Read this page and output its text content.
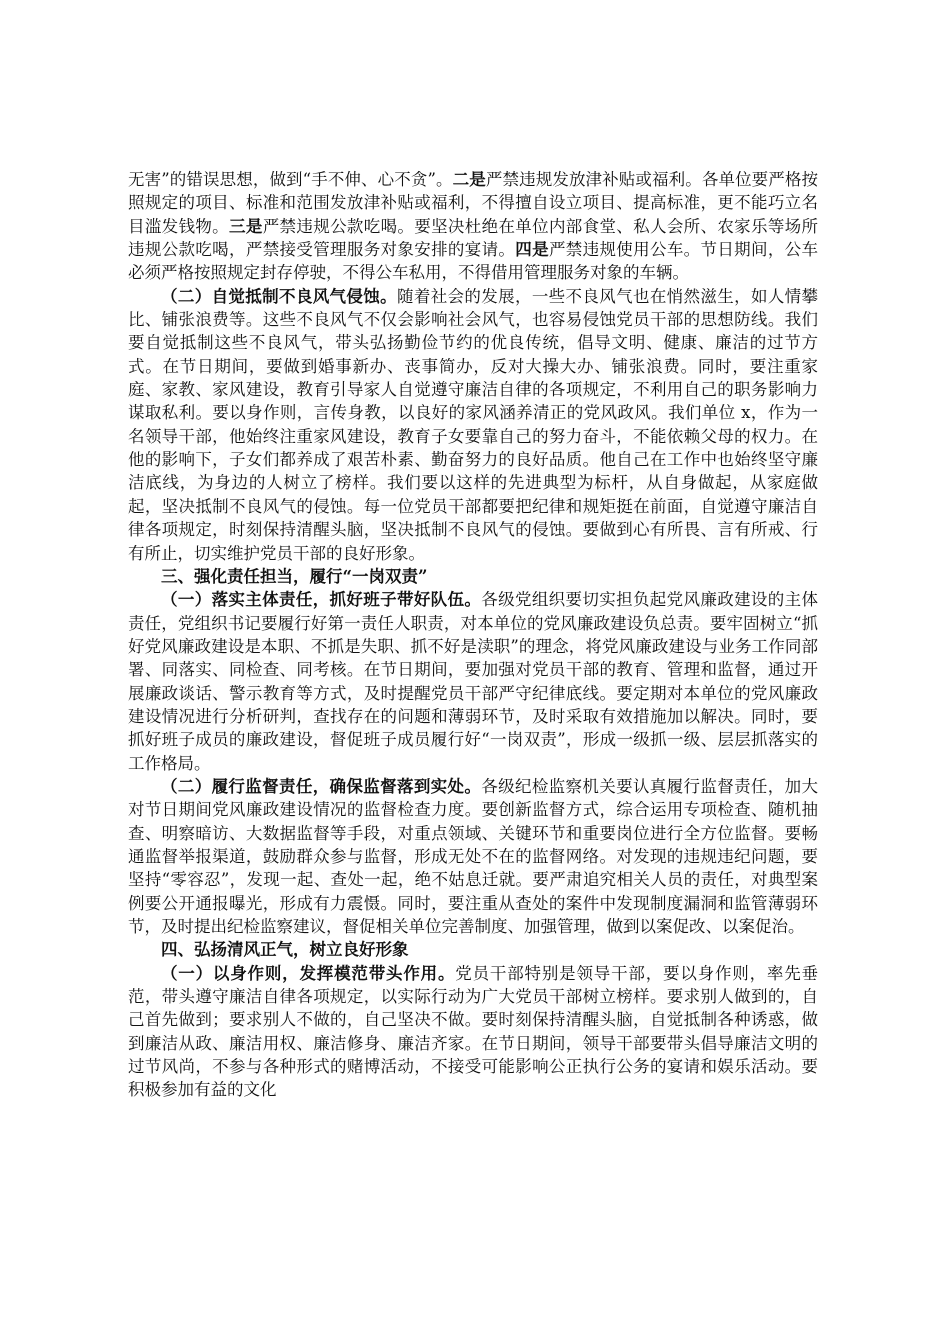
无害”的错误思想，做到“手不伸、心不贪”。二是严禁违规发放津补贴或福利。各单位要严格按照规定的项目、标准和范围发放津补贴或福利，不得擅自设立项目、提高标准，更不能巧立名目滥发钱物。三是严禁违规公款吃喝。要坚决杜绝在单位内部食堂、私人会所、农家乐等场所违规公款吃喝，严禁接受管理服务对象安排的宴请。四是严禁违规使用公车。节日期间，公车必须严格按照规定封存停驶，不得公车私用，不得借用管理服务对象的车辆。

（二）自觉抵制不良风气侵蚀。随着社会的发展，一些不良风气也在悄然滋生，如人情攀比、铺张浪费等。这些不良风气不仅会影响社会风气，也容易侵蚀党员干部的思想防线。我们要自觉抵制这些不良风气，带头弘扬勤俭节约的优良传统，倡导文明、健康、廉洁的过节方式。在节日期间，要做到婚事新办、丧事简办，反对大操大办、铺张浪费。同时，要注重家庭、家教、家风建设，教育引导家人自觉遵守廉洁自律的各项规定，不利用自己的职务影响力谋取私利。要以身作则，言传身教，以良好的家风涵养清正的党风政风。我们单位 x，作为一名领导干部，他始终注重家风建设，教育子女要靠自己的努力奋斗，不能依赖父母的权力。在他的影响下，子女们都养成了艰苦朴素、勤奋努力的良好品质。他自己在工作中也始终坚守廉洁底线，为身边的人树立了榜样。我们要以这样的先进典型为标杆，从自身做起，从家庭做起，坚决抵制不良风气的侵蚀。每一位党员干部都要把纪律和规矩挺在前面，自觉遵守廉洁自律各项规定，时刻保持清醒头脑，坚决抵制不良风气的侵蚀。要做到心有所畏、言有所戒、行有所止，切实维护党员干部的良好形象。

三、强化责任担当，履行“一岗双责”

（一）落实主体责任，抓好班子带好队伍。各级党组织要切实担负起党风廉政建设的主体责任，党组织书记要履行好第一责任人职责，对本单位的党风廉政建设负总责。要牢固树立“抓好党风廉政建设是本职、不抓是失职、抓不好是渎职”的理念，将党风廉政建设与业务工作同部署、同落实、同检查、同考核。在节日期间，要加强对党员干部的教育、管理和监督，通过开展廉政谈话、警示教育等方式，及时提醒党员干部严守纪律底线。要定期对本单位的党风廉政建设情况进行分析研判，查找存在的问题和薄弱环节，及时采取有效措施加以解决。同时，要抓好班子成员的廉政建设，督促班子成员履行好“一岗双责”，形成一级抓一级、层层抓落实的工作格局。

（二）履行监督责任，确保监督落到实处。各级纪检监察机关要认真履行监督责任，加大对节日期间党风廉政建设情况的监督检查力度。要创新监督方式，综合运用专项检查、随机抽查、明察暗访、大数据监督等手段，对重点领域、关键环节和重要岗位进行全方位监督。要畅通监督举报渠道，鼓励群众参与监督，形成无处不在的监督网络。对发现的违规违纪问题，要坚持“零容忍”，发现一起、查处一起，绝不姑息迁就。要严肃追究相关人员的责任，对典型案例要公开通报曝光，形成有力震慑。同时，要注重从查处的案件中发现制度漏洞和监管薄弱环节，及时提出纪检监察建议，督促相关单位完善制度、加强管理，做到以案促改、以案促治。

四、弘扬清风正气，树立良好形象

（一）以身作则，发挥模范带头作用。党员干部特别是领导干部，要以身作则，率先垂范，带头遵守廉洁自律各项规定，以实际行动为广大党员干部树立榜样。要求别人做到的，自己首先做到；要求别人不做的，自己坚决不做。要时刻保持清醒头脑，自觉抵制各种诱惑，做到廉洁从政、廉洁用权、廉洁修身、廉洁齐家。在节日期间，领导干部要带头倡导廉洁文明的过节风尚，不参与各种形式的赌博活动，不接受可能影响公正执行公务的宴请和娱乐活动。要积极参加有益的文化
